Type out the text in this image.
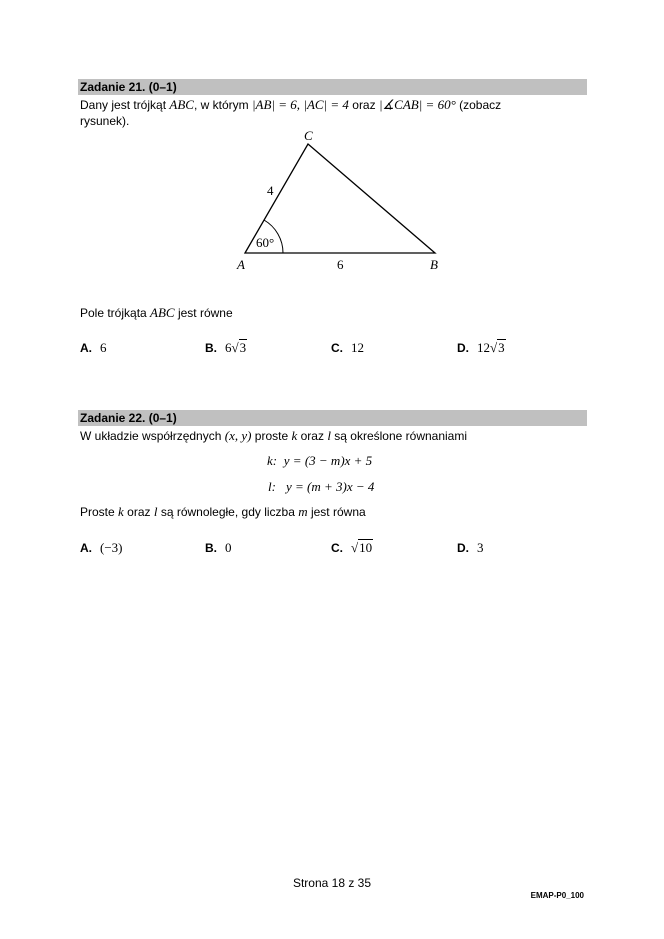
Zadanie 21. (0–1)
Dany jest trójkąt ABC, w którym |AB| = 6, |AC| = 4 oraz |∡CAB| = 60° (zobacz
rysunek).
C
A	B
4
6
60°
Pole trójkąta ABC jest równe
A. 6	B. 6√3	C. 12	D. 12√3
Zadanie 22. (0–1)
W układzie współrzędnych (x, y) proste k oraz l są określone równaniami
k: y = (3 − m)x + 5
l: y = (m + 3)x − 4
Proste k oraz l są równoległe, gdy liczba m jest równa
A. (−3)	B. 0	C. √10	D. 3
Strona 18 z 35
EMAP-P0_100
